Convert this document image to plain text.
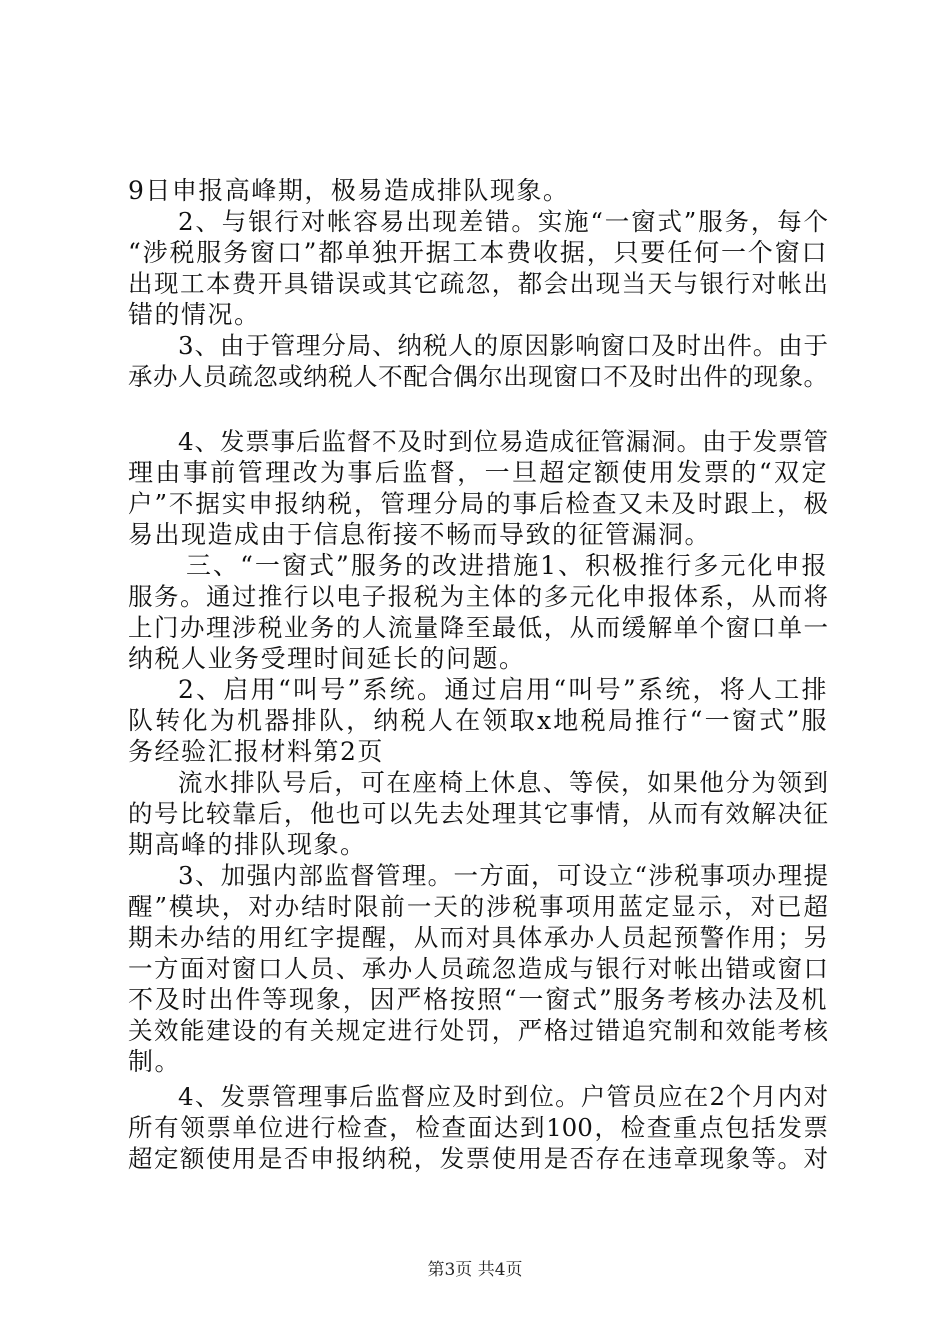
9日申报高峰期，极易造成排队现象。
2、与银行对帐容易出现差错。实施“一窗式”服务，每个
“涉税服务窗口”都单独开据工本费收据，只要任何一个窗口
出现工本费开具错误或其它疏忽，都会出现当天与银行对帐出
错的情况。
3、由于管理分局、纳税人的原因影响窗口及时出件。由于
承办人员疏忽或纳税人不配合偶尔出现窗口不及时出件的现象。
4、发票事后监督不及时到位易造成征管漏洞。由于发票管
理由事前管理改为事后监督，一旦超定额使用发票的“双定
户”不据实申报纳税，管理分局的事后检查又未及时跟上，极
易出现造成由于信息衔接不畅而导致的征管漏洞。
三、“一窗式”服务的改进措施1、积极推行多元化申报
服务。通过推行以电子报税为主体的多元化申报体系，从而将
上门办理涉税业务的人流量降至最低，从而缓解单个窗口单一
纳税人业务受理时间延长的问题。
2、启用“叫号”系统。通过启用“叫号”系统，将人工排
队转化为机器排队，纳税人在领取x地税局推行“一窗式”服
务经验汇报材料第2页
流水排队号后，可在座椅上休息、等侯，如果他分为领到
的号比较靠后，他也可以先去处理其它事情，从而有效解决征
期高峰的排队现象。
3、加强内部监督管理。一方面，可设立“涉税事项办理提
醒”模块，对办结时限前一天的涉税事项用蓝定显示，对已超
期未办结的用红字提醒，从而对具体承办人员起预警作用；另
一方面对窗口人员、承办人员疏忽造成与银行对帐出错或窗口
不及时出件等现象，因严格按照“一窗式”服务考核办法及机
关效能建设的有关规定进行处罚，严格过错追究制和效能考核
制。
4、发票管理事后监督应及时到位。户管员应在2个月内对
所有领票单位进行检查，检查面达到100，检查重点包括发票
超定额使用是否申报纳税，发票使用是否存在违章现象等。对
第3页 共4页
